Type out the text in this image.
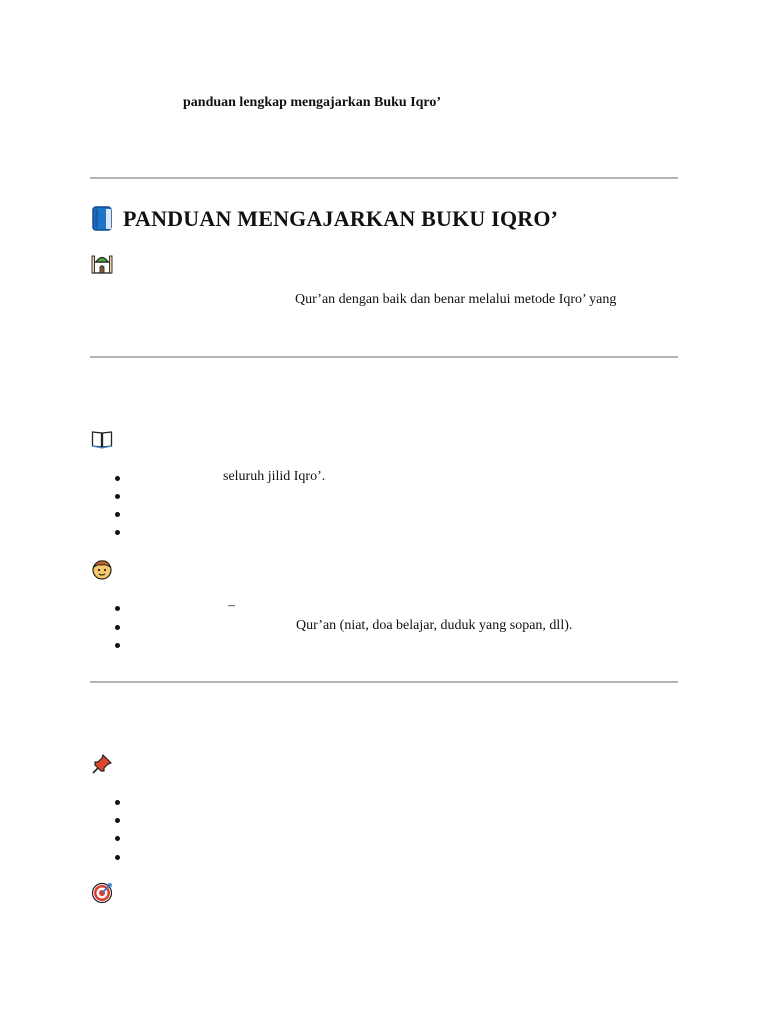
panduan lengkap mengajarkan Buku Iqro’
PANDUAN MENGAJARKAN BUKU IQRO’
Qur’an dengan baik dan benar melalui metode Iqro’ yang
seluruh jilid Iqro’.
–
Qur’an (niat, doa belajar, duduk yang sopan, dll).
